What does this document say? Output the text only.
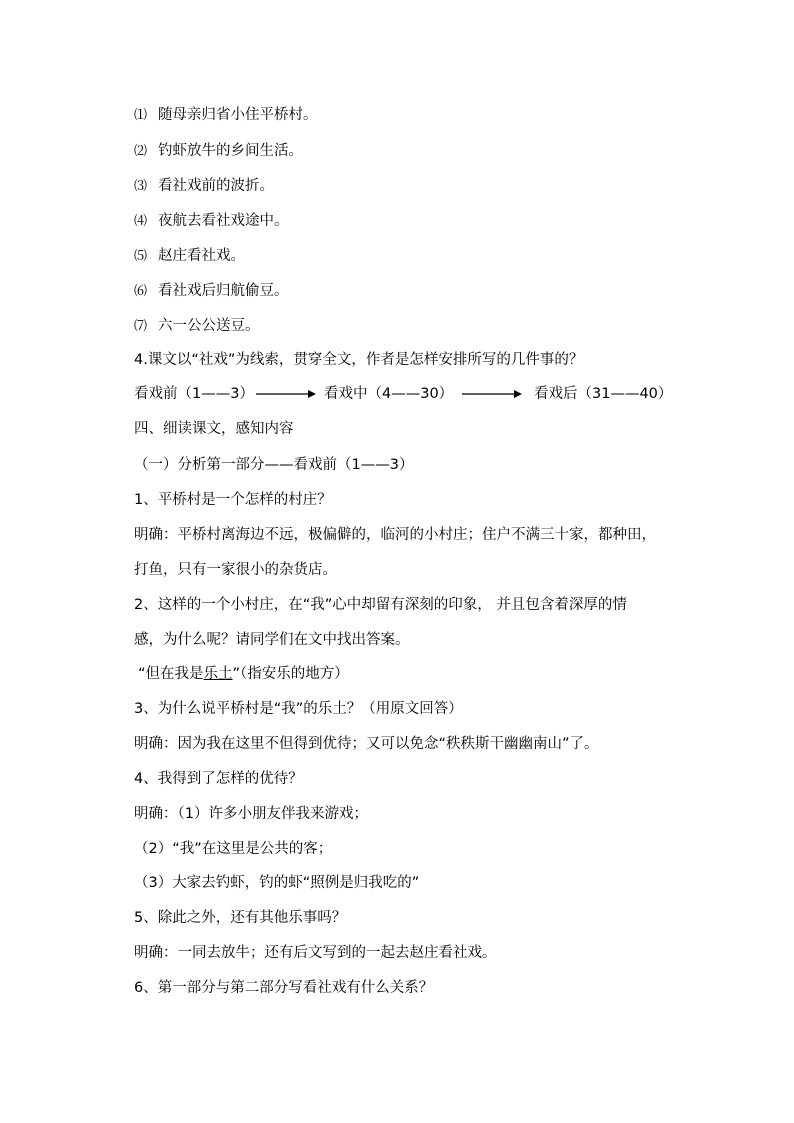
⑴ 随母亲归省小住平桥村。
⑵ 钓虾放牛的乡间生活。
⑶ 看社戏前的波折。
⑷ 夜航去看社戏途中。
⑸ 赵庄看社戏。
⑹ 看社戏后归航偷豆。
⑺ 六一公公送豆。
4.课文以“社戏”为线索，贯穿全文，作者是怎样安排所写的几件事的？
看戏前（1——3）	看戏中（4——30）	看戏后（31——40）
四、细读课文，感知内容
（一）分析第一部分——看戏前（1——3）
1、平桥村是一个怎样的村庄？
明确：平桥村离海边不远，极偏僻的，临河的小村庄；住户不满三十家，都种田，
打鱼，只有一家很小的杂货店。
2、这样的一个小村庄，在“我”心中却留有深刻的印象， 并且包含着深厚的情
感，为什么呢？请同学们在文中找出答案。
“但在我是乐土”（指安乐的地方）
3、为什么说平桥村是“我”的乐土？（用原文回答）
明确：因为我在这里不但得到优待；又可以免念“秩秩斯干幽幽南山”了。
4、我得到了怎样的优待？
明确：（1）许多小朋友伴我来游戏；
（2）“我”在这里是公共的客；
（3）大家去钓虾，钓的虾“照例是归我吃的”
5、除此之外，还有其他乐事吗？
明确：一同去放牛；还有后文写到的一起去赵庄看社戏。
6、第一部分与第二部分写看社戏有什么关系？
